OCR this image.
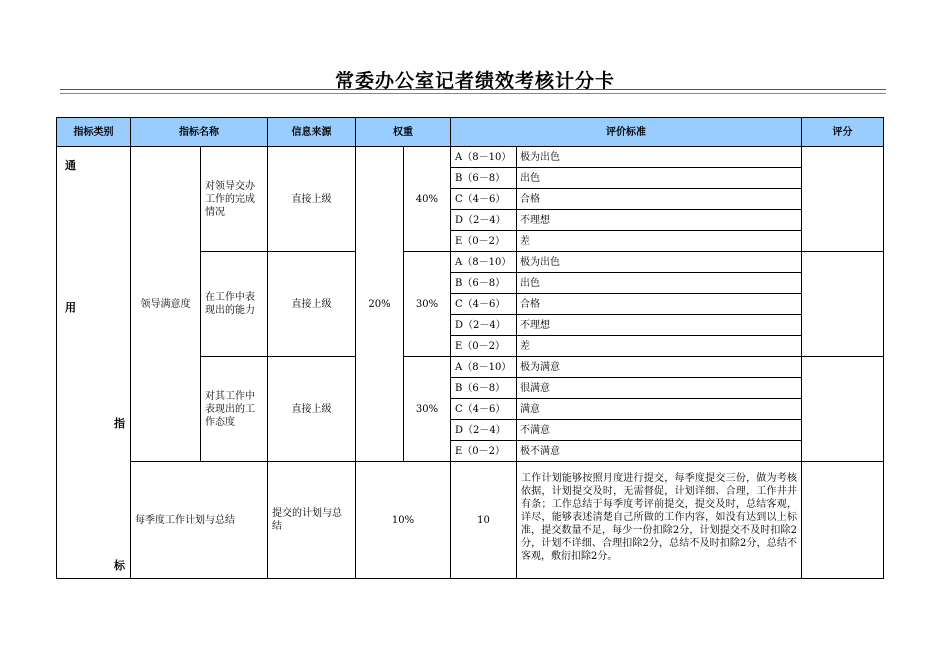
常委办公室记者绩效考核计分卡
指标类别	指标名称		信息来源	权重		评价标准		评分

通
用
指
标	领导满意度	对领导交办工作的完成情况	直接上级	20%	40%	A（8－10）	极为出色	
						B（6－8）	出色	
						C（4－6）	合格	
						D（2－4）	不理想	
						E（0－2）	差	
		在工作中表现出的能力	直接上级		30%	A（8－10）	极为出色	
						B（6－8）	出色	
						C（4－6）	合格	
						D（2－4）	不理想	
						E（0－2）	差	
		对其工作中表现出的工作态度	直接上级		30%	A（8－10）	极为满意	
						B（6－8）	很满意	
						C（4－6）	满意	
						D（2－4）	不满意	
						E（0－2）	极不满意	
	每季度工作计划与总结		提交的计划与总结	10%		10	工作计划能够按照月度进行提交，每季度提交三份，做为考核依据，计划提交及时，无需督促，计划详细、合理，工作井井有条；工作总结于每季度考评前提交，提交及时，总结客观，详尽，能够表述清楚自己所做的工作内容，如没有达到以上标准，提交数量不足，每少一份扣除2分，计划提交不及时扣除2分，计划不详细、合理扣除2分，总结不及时扣除2分，总结不客观，敷衍扣除2分。	
